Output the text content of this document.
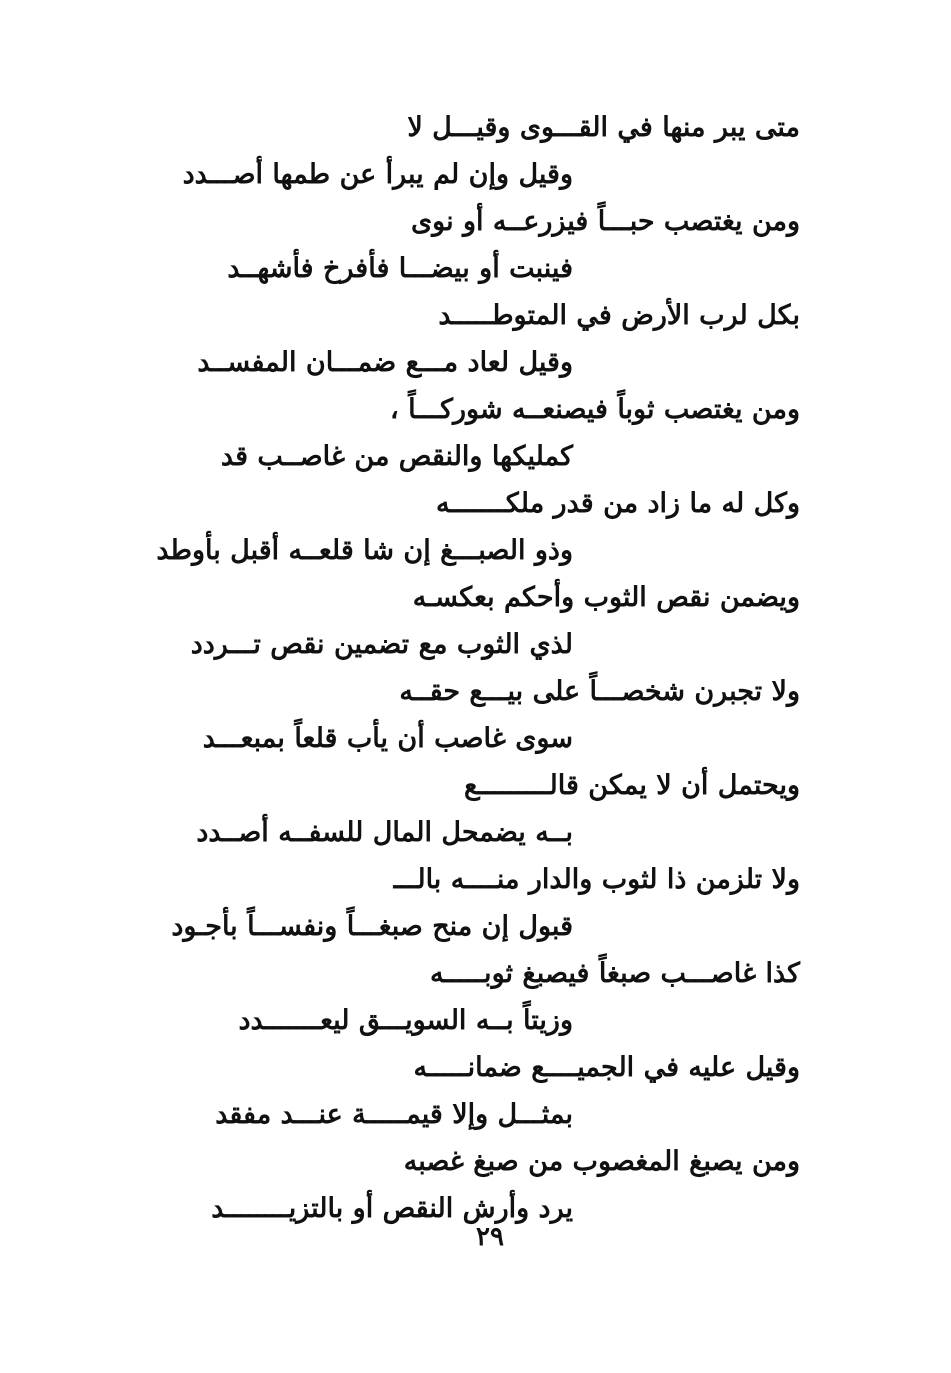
متى يبر منها في القـــوى وقيـــل لا
وقيل وإن لم يبرأ عن طمها أصـــدد
ومن يغتصب حبـــاً فيزرعــه أو نوى
فينبت أو بيضـــا فأفرخ فأشهــد
بكل لرب الأرض في المتوطـــــد
وقيل لعاد مـــع ضمـــان المفســد
ومن يغتصب ثوباً فيصنعــه شوركـــاً ،
كمليكها والنقص من غاصــب قد
وكل له ما زاد من قدر ملكـــــــه
وذو الصبـــغ إن شا قلعــه أقبل بأوطد
ويضمن نقص الثوب وأحكم بعكسـه
لذي الثوب مع تضمين نقص تـــردد
ولا تجبرن شخصـــاً على بيـــع حقــه
سوى غاصب أن يأب قلعاً بمبعـــد
ويحتمل أن لا يمكن قالـــــــــع
بــه يضمحل المال للسفــه أصــدد
ولا تلزمن ذا لثوب والدار منــــه بالـــ
قبول إن منح صبغـــاً ونفســـاً بأجـود
كذا غاصـــب صبغاً فيصبغ ثوبـــــه
وزيتاً بــه السويـــق ليعـــــــدد
وقيل عليه في الجميــــع ضمانـــــه
بمثـــل وإلا قيمـــــة عنـــد مفقد
ومن يصبغ المغصوب من صبغ غصبه
يرد وأرش النقص أو بالتزيــــــــد
٢٩
